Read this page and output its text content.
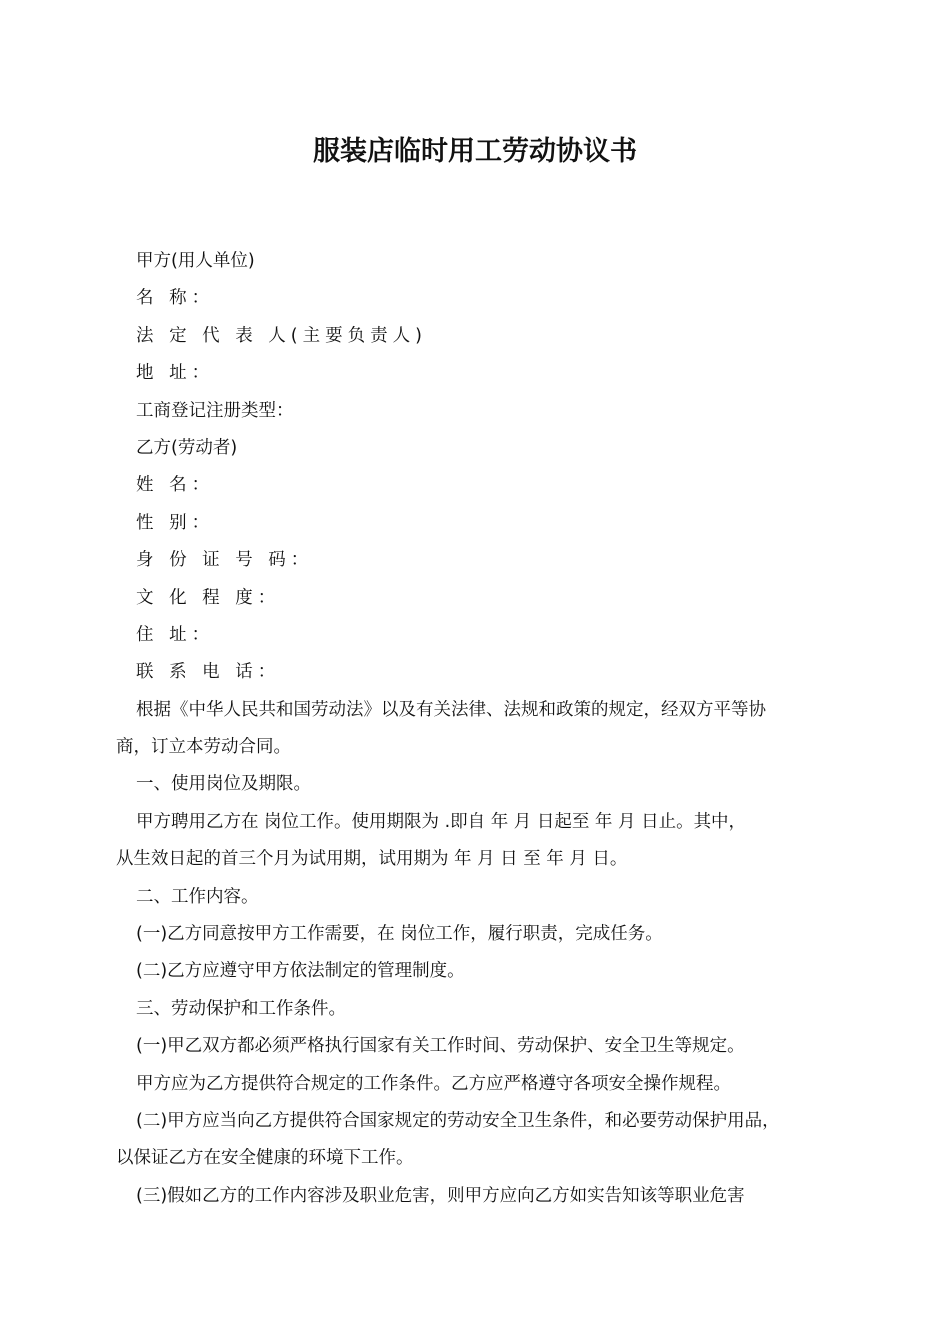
服装店临时用工劳动协议书
甲方(用人单位)
名 称：
法 定 代 表 人(主要负责人)
地 址：
工商登记注册类型：
乙方(劳动者)
姓 名：
性 别：
身 份 证 号 码：
文 化 程 度：
住 址：
联 系 电 话：
根据《中华人民共和国劳动法》以及有关法律、法规和政策的规定，经双方平等协
商，订立本劳动合同。
一、使用岗位及期限。
甲方聘用乙方在 岗位工作。使用期限为 .即自 年 月 日起至 年 月 日止。其中，
从生效日起的首三个月为试用期，试用期为 年 月 日 至 年 月 日。
二、工作内容。
(一)乙方同意按甲方工作需要，在 岗位工作，履行职责，完成任务。
(二)乙方应遵守甲方依法制定的管理制度。
三、劳动保护和工作条件。
(一)甲乙双方都必须严格执行国家有关工作时间、劳动保护、安全卫生等规定。
甲方应为乙方提供符合规定的工作条件。乙方应严格遵守各项安全操作规程。
(二)甲方应当向乙方提供符合国家规定的劳动安全卫生条件，和必要劳动保护用品，
以保证乙方在安全健康的环境下工作。
(三)假如乙方的工作内容涉及职业危害，则甲方应向乙方如实告知该等职业危害
